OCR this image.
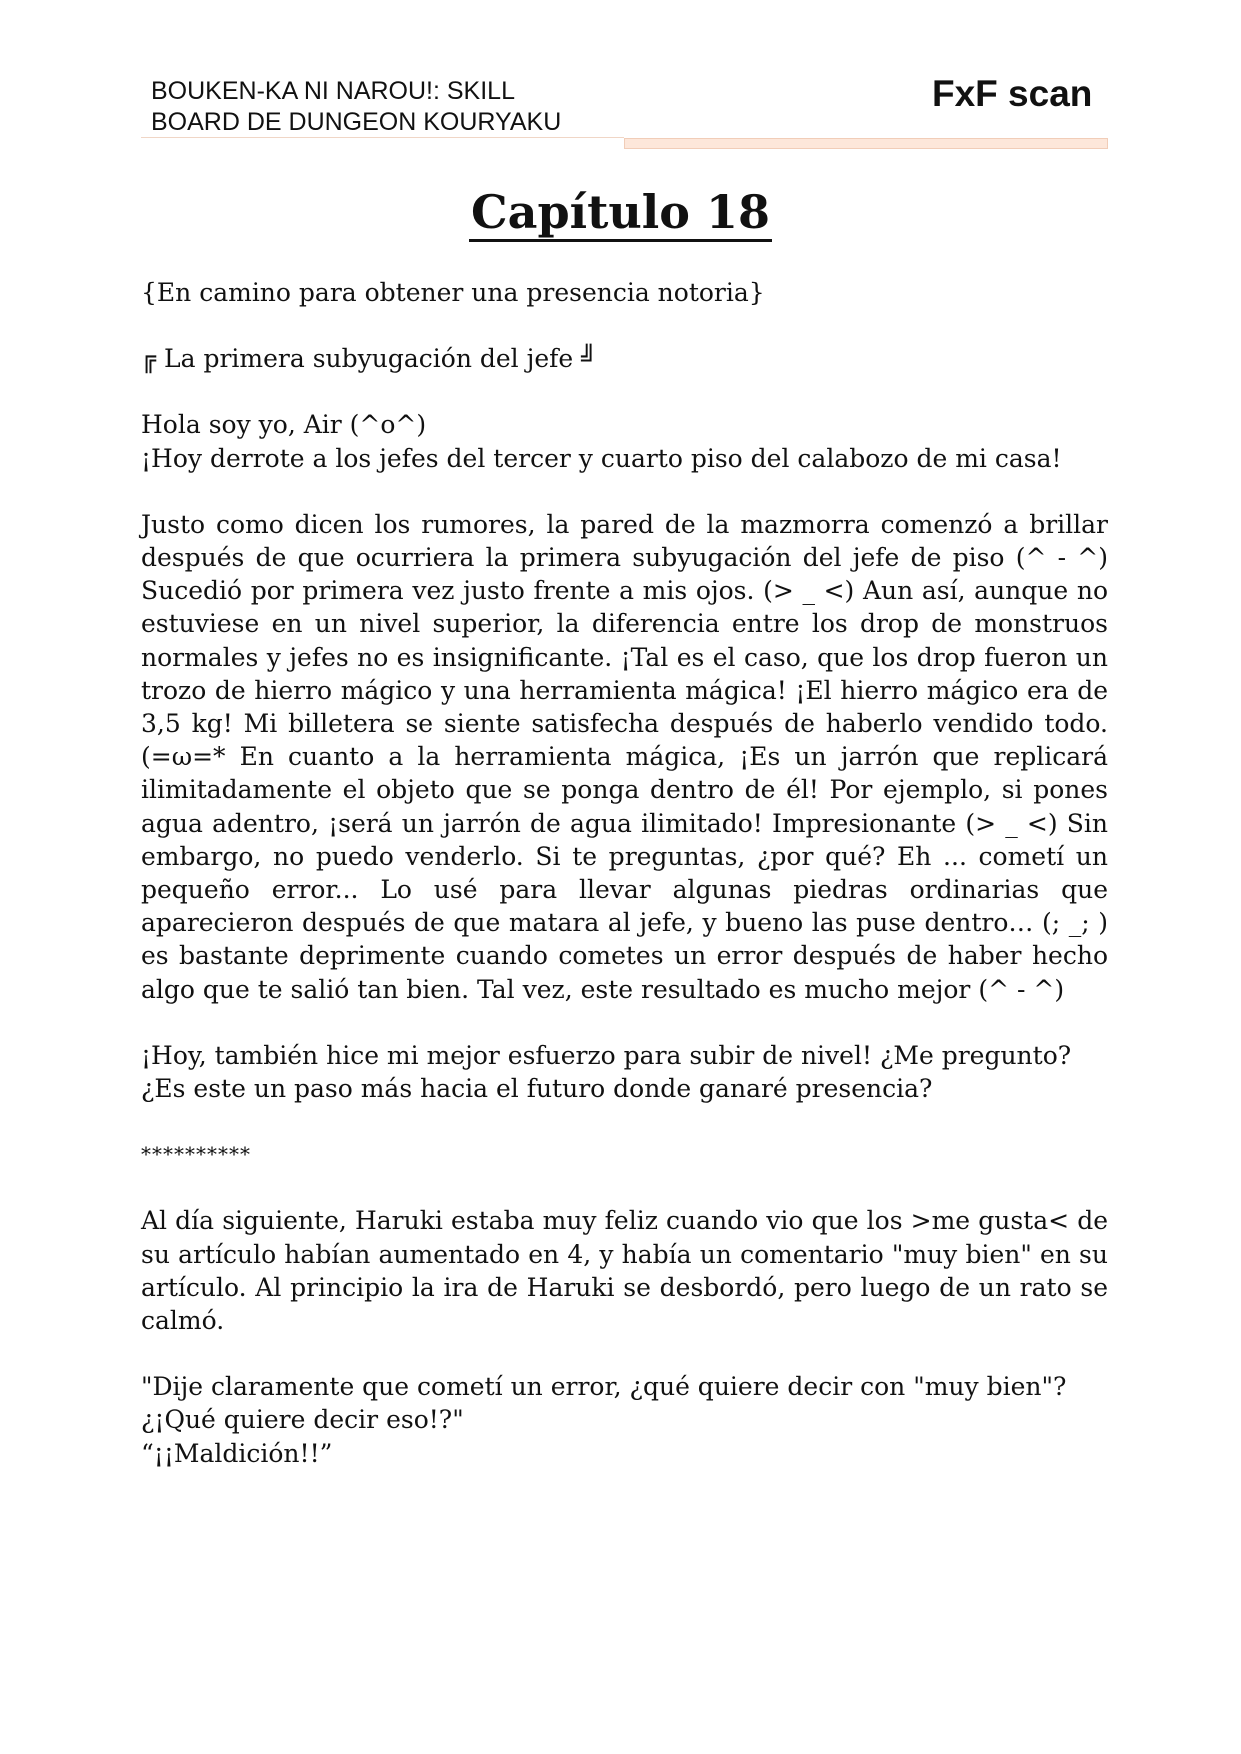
BOUKEN-KA NI NAROU!: SKILL
BOARD DE DUNGEON KOURYAKU
FxF scan
Capítulo 18

{En camino para obtener una presencia notoria}

╔ La primera subyugación del jefe ╝

Hola soy yo, Air (^o^)

¡Hoy derrote a los jefes del tercer y cuarto piso del calabozo de mi casa!

Justo como dicen los rumores, la pared de la mazmorra comenzó a brillar después de que ocurriera la primera subyugación del jefe de piso (^ - ^) Sucedió por primera vez justo frente a mis ojos. (> _ <) Aun así, aunque no estuviese en un nivel superior, la diferencia entre los drop de monstruos normales y jefes no es insignificante. ¡Tal es el caso, que los drop fueron un trozo de hierro mágico y una herramienta mágica! ¡El hierro mágico era de 3,5 kg! Mi billetera se siente satisfecha después de haberlo vendido todo. (=ω=* En cuanto a la herramienta mágica, ¡Es un jarrón que replicará ilimitadamente el objeto que se ponga dentro de él! Por ejemplo, si pones agua adentro, ¡será un jarrón de agua ilimitado! Impresionante (> _ <) Sin embargo, no puedo venderlo. Si te preguntas, ¿por qué? Eh ... cometí un pequeño error... Lo usé para llevar algunas piedras ordinarias que aparecieron después de que matara al jefe, y bueno las puse dentro… (; _; ) es bastante deprimente cuando cometes un error después de haber hecho algo que te salió tan bien. Tal vez, este resultado es mucho mejor (^ - ^)

¡Hoy, también hice mi mejor esfuerzo para subir de nivel! ¿Me pregunto? ¿Es este un paso más hacia el futuro donde ganaré presencia?

**********

Al día siguiente, Haruki estaba muy feliz cuando vio que los >me gusta< de su artículo habían aumentado en 4, y había un comentario "muy bien" en su artículo. Al principio la ira de Haruki se desbordó, pero luego de un rato se calmó.

"Dije claramente que cometí un error, ¿qué quiere decir con "muy bien"? ¿¡Qué quiere decir eso!?"

“¡¡Maldición!!”
